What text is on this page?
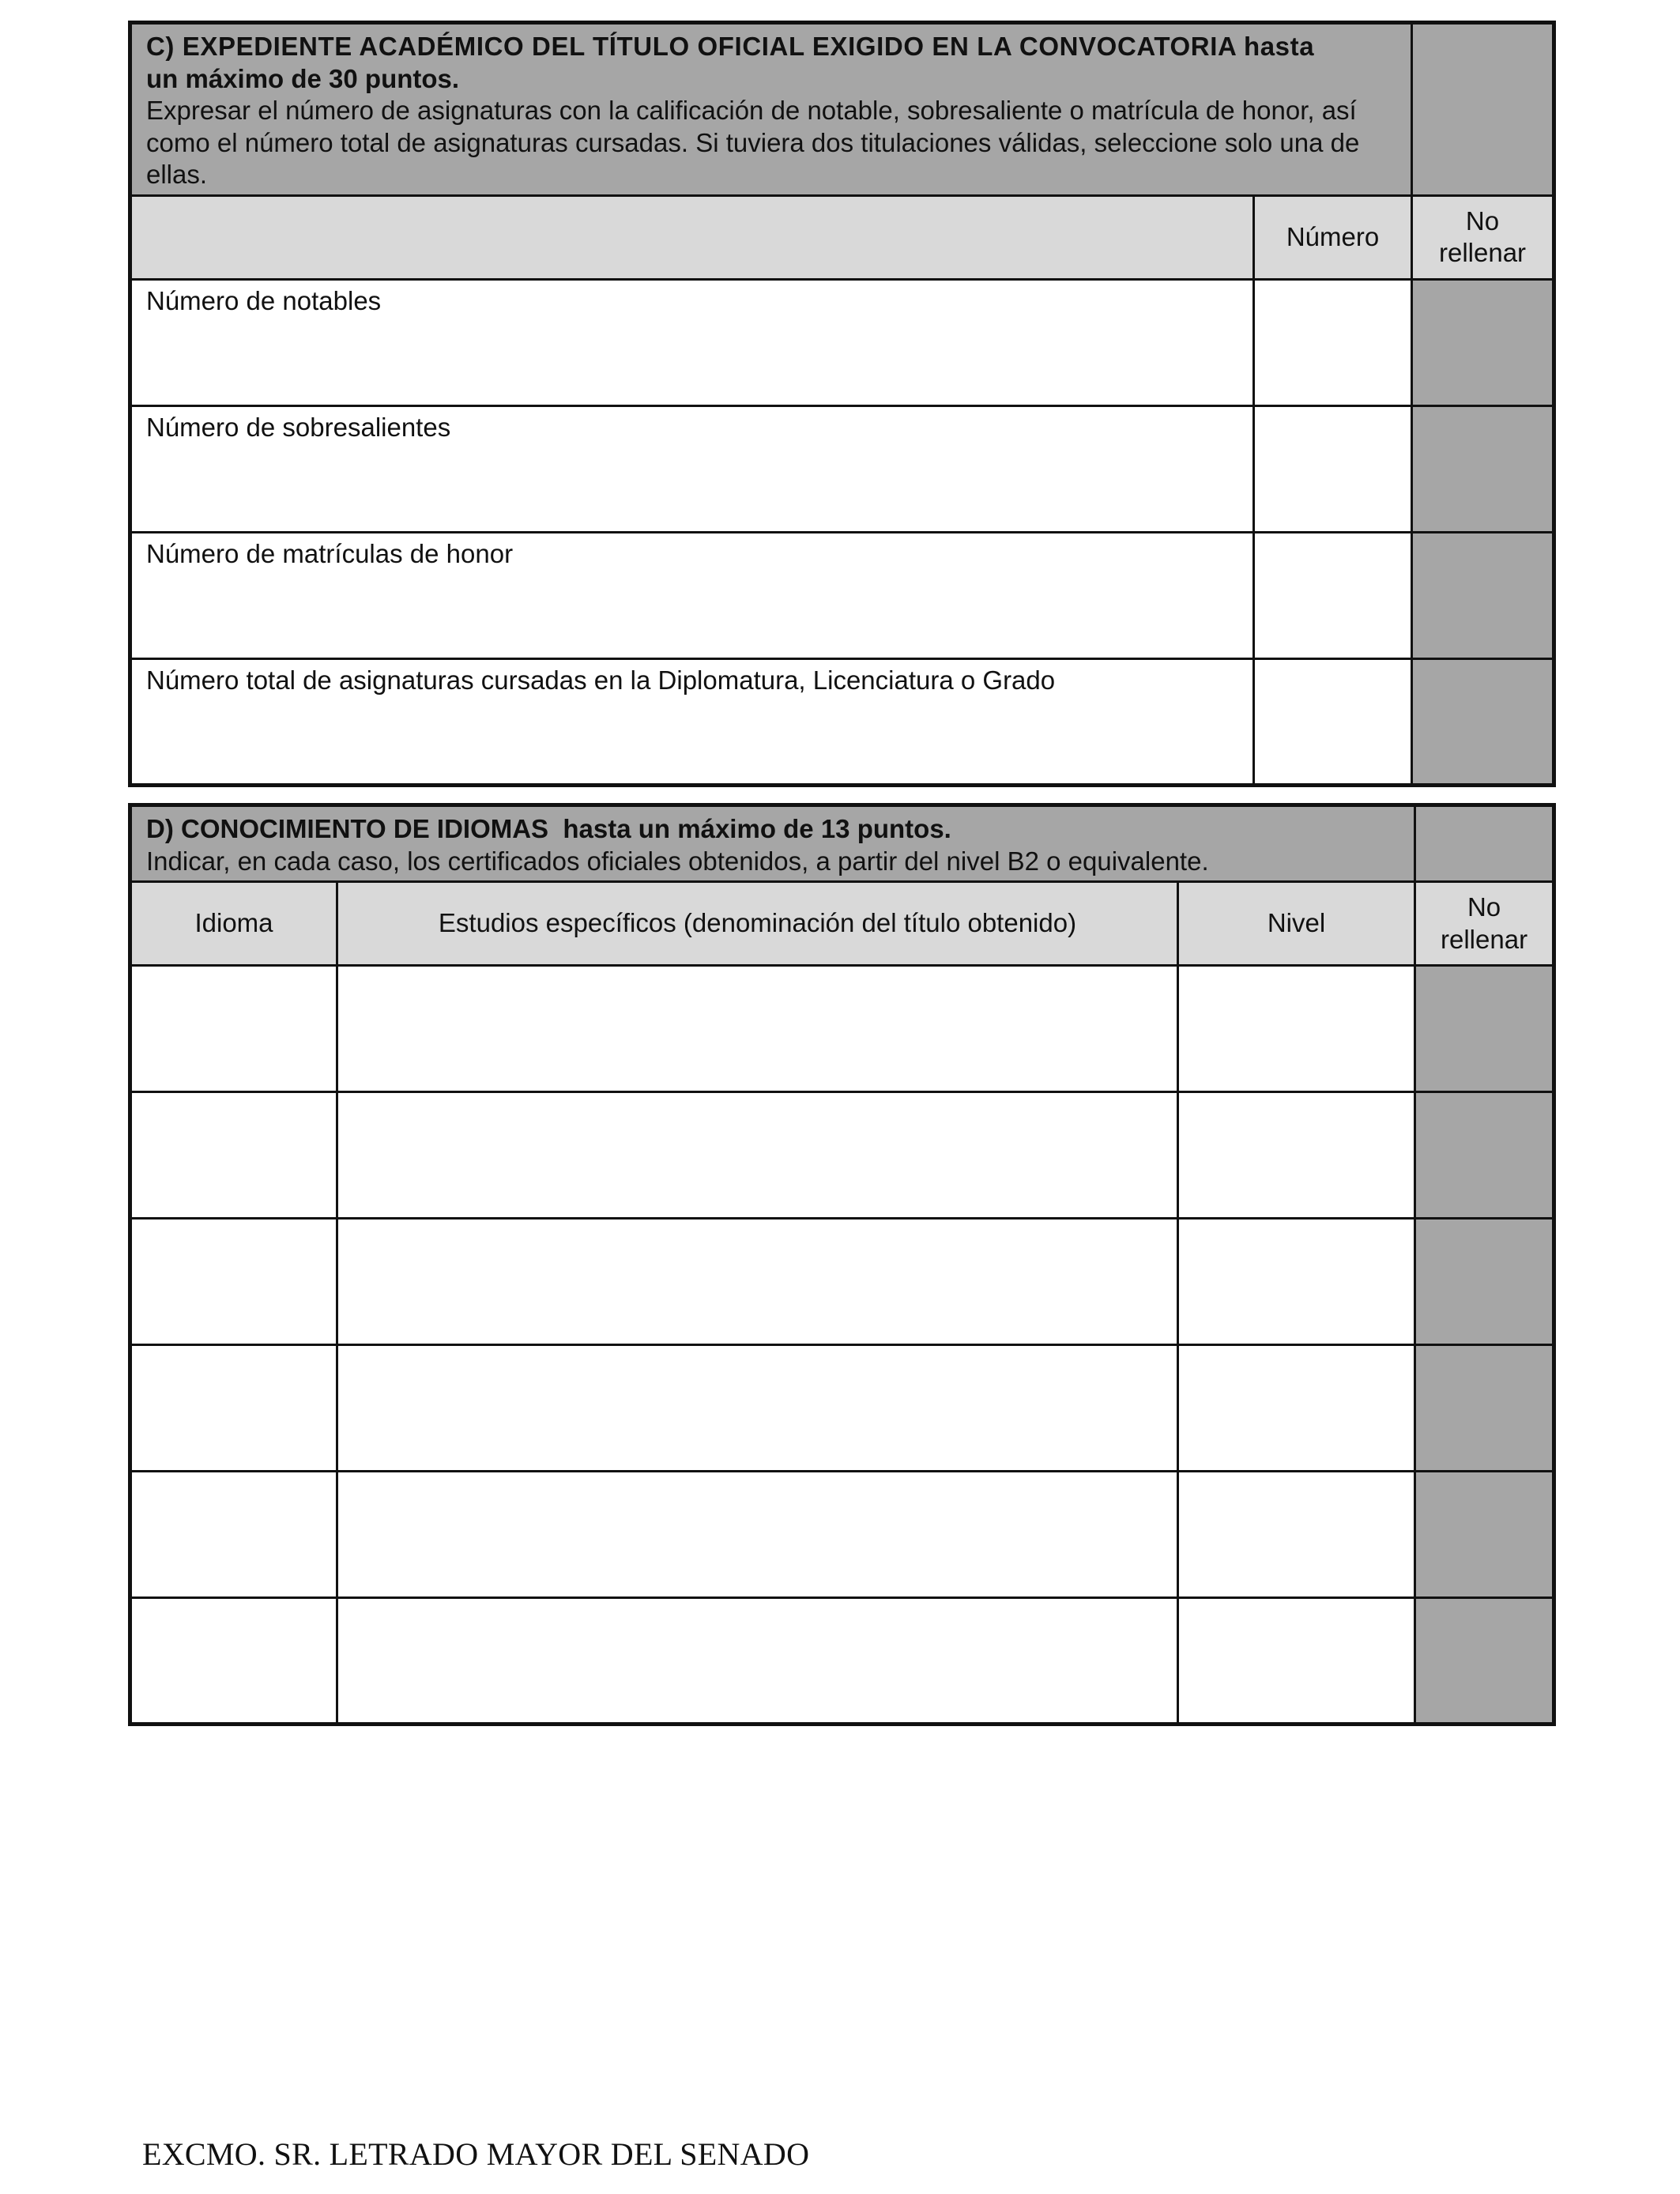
C) EXPEDIENTE ACADÉMICO DEL TÍTULO OFICIAL EXIGIDO EN LA CONVOCATORIA hasta
un máximo de 30 puntos.
Expresar el número de asignaturas con la calificación de notable, sobresaliente o matrícula de honor, así como el número total de asignaturas cursadas. Si tuviera dos titulaciones válidas, seleccione solo una de ellas.		

	Número	No
rellenar

Número de notables		
Número de sobresalientes		
Número de matrículas de honor		
Número total de asignaturas cursadas en la Diplomatura, Licenciatura o Grado		
D) CONOCIMIENTO DE IDIOMAS  hasta un máximo de 13 puntos.
Indicar, en cada caso, los certificados oficiales obtenidos, a partir del nivel B2 o equivalente.			

Idioma	Estudios específicos (denominación del título obtenido)	Nivel	No
rellenar

EXCMO. SR. LETRADO MAYOR DEL SENADO
